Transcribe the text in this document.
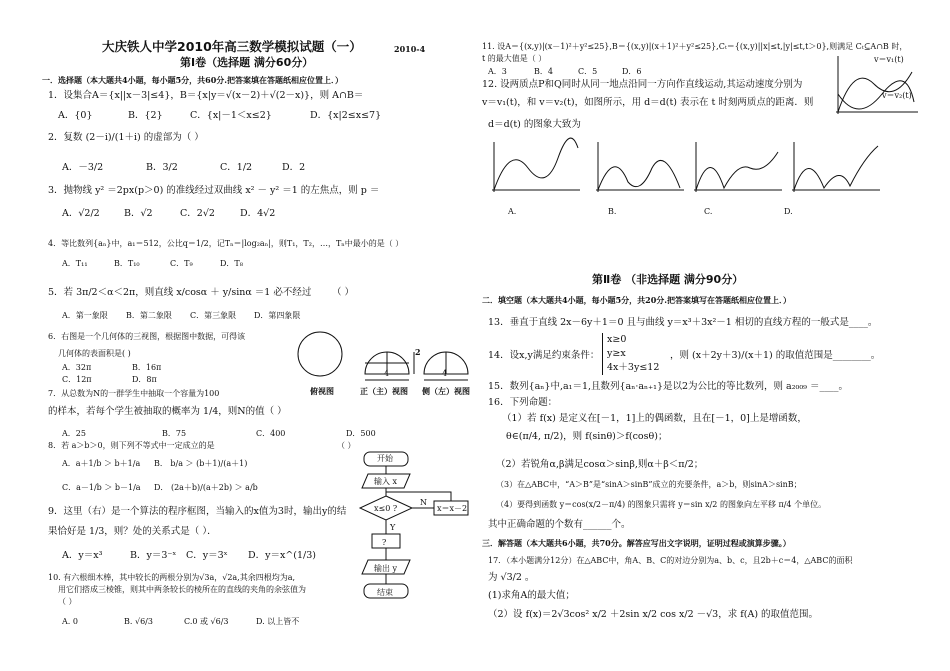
大庆铁人中学2010年高三数学模拟试题（一）	2010-4
第Ⅰ卷（选择题 满分60分）
一．选择题（本大题共4小题，每小题5分，共60分.把答案填在答题纸相应位置上．）
1．设集合A＝{x||x－3|≤4}，B＝{x|y＝√(x－2)＋√(2－x)}，则 A∩B＝
A．{0}	B．{2}	C．{x|－1＜x≤2}	D．{x|2≤x≤7}
2．复数 (2－i)/(1＋i) 的虚部为（ ）
A．－3/2	B．3/2	C．1/2	D．2
3．抛物线 y² ＝2px(p＞0) 的准线经过双曲线 x² － y² ＝1 的左焦点，则 p ＝
A．√2/2	B．√2	C．2√2	D．4√2
4．等比数列{aₙ}中，a₁＝512，公比q＝1/2，记Tₙ＝|log₂aₙ|，则T₁，T₂，…，Tₙ中最小的是（ ）
A．T₁₁	B．T₁₀	C．T₉	D．T₈
5．若 3π/2＜α＜2π，则直线 x/cosα ＋ y/sinα ＝1 必不经过 （ ）
A．第一象限 B．第二象限 C．第三象限 D．第四象限
6．右图是一个几何体的三视图，根据图中数据，可得该
几何体的表面积是( )
A．32π	B．16π
C．12π	D．8π
7．从总数为N的一群学生中抽取一个容量为100
的样本，若每个学生被抽取的概率为 1/4，则N的值（ ）
A．25	B．75	C．400	D．500
8．若 a＞b＞0，则下列不等式中一定成立的是	（ ）
A．a＋1/b ＞ b＋1/a B． b/a ＞ (b＋1)/(a＋1)
C．a－1/b ＞ b－1/a D． (2a＋b)/(a＋2b) ＞ a/b
9．这里（右）是一个算法的程序框图，当输入的x值为3时，输出y的结
果恰好是 1/3，则？处的关系式是（ ）．
A．y＝x³	B．y＝3⁻ˣ C．y＝3ˣ D．y＝x^(1/3)
10. 有六根细木棒，其中较长的两根分别为√3a，√2a,其余四根均为a,
用它们搭成三棱锥，则其中两条较长的棱所在的直线的夹角的余弦值为
（ ）
A. 0	B. √6/3	C.0 或 √6/3	D. 以上皆不
2
4	4
俯视图	正（主）视图 侧（左）视图
开始
输入 x
x≤0 ?
N
x＝x－2
Y
?
输出 y
结束
11. 设A＝{(x,y)|(x－1)²＋y²≤25},B＝{(x,y)|(x＋1)²＋y²≤25},Cₜ＝{(x,y)||x|≤t,|y|≤t,t＞0},则满足 Cₜ⊆A∩B 时，
t 的最大值是（ ）
A．3	B．4	C．5	D．6
12. 设两质点P和Q同时从同一地点沿同一方向作直线运动,其运动速度分别为
v＝v₁(t)，和 v＝v₂(t)，如图所示，用 d＝d(t) 表示在 t 时刻两质点的距离．则
d＝d(t) 的图象大致为
v＝v₁(t)
v＝v₂(t)
A.	B.	C.	D.
第Ⅱ卷 （非选择题 满分90分）
二．填空题（本大题共4小题，每小题5分，共20分.把答案填写在答题纸相应位置上．）
13．垂直于直线 2x－6y＋1＝0 且与曲线 y＝x³＋3x²－1 相切的直线方程的一般式是____。
14．设x,y满足约束条件：
x≥0
y≥x
4x＋3y≤12
，则 (x＋2y＋3)/(x＋1) 的取值范围是________。
15．数列{aₙ}中,a₁＝1,且数列{aₙ·aₙ₊₁}是以2为公比的等比数列，则 a₂₀₀₉ ＝____。
16．下列命题：
（1）若 f(x) 是定义在[－1，1]上的偶函数，且在[－1，0]上是增函数，
θ∈(π/4, π/2)，则 f(sinθ)＞f(cosθ)；
（2）若锐角α,β满足cosα＞sinβ,则α＋β＜π/2；
（3）在△ABC中，“A＞B”是“sinA＞sinB”成立的充要条件，a＞b，则sinA＞sinB；
（4）要得到函数 y＝cos(x/2－π/4) 的图象只需将 y＝sin x/2 的图象向左平移 π/4 个单位。
其中正确命题的个数有______个。
三．解答题（本大题共6小题，共70分。解答应写出文字说明，证明过程或演算步骤。）
17．（本小题满分12分）在△ABC中，角A、B、C的对边分别为a、b、c，且2b＋c＝4，△ABC的面积
为 √3/2 。
(1)求角A的最大值；
（2）设 f(x)＝2√3cos² x/2 ＋2sin x/2 cos x/2 －√3，求 f(A) 的取值范围。
